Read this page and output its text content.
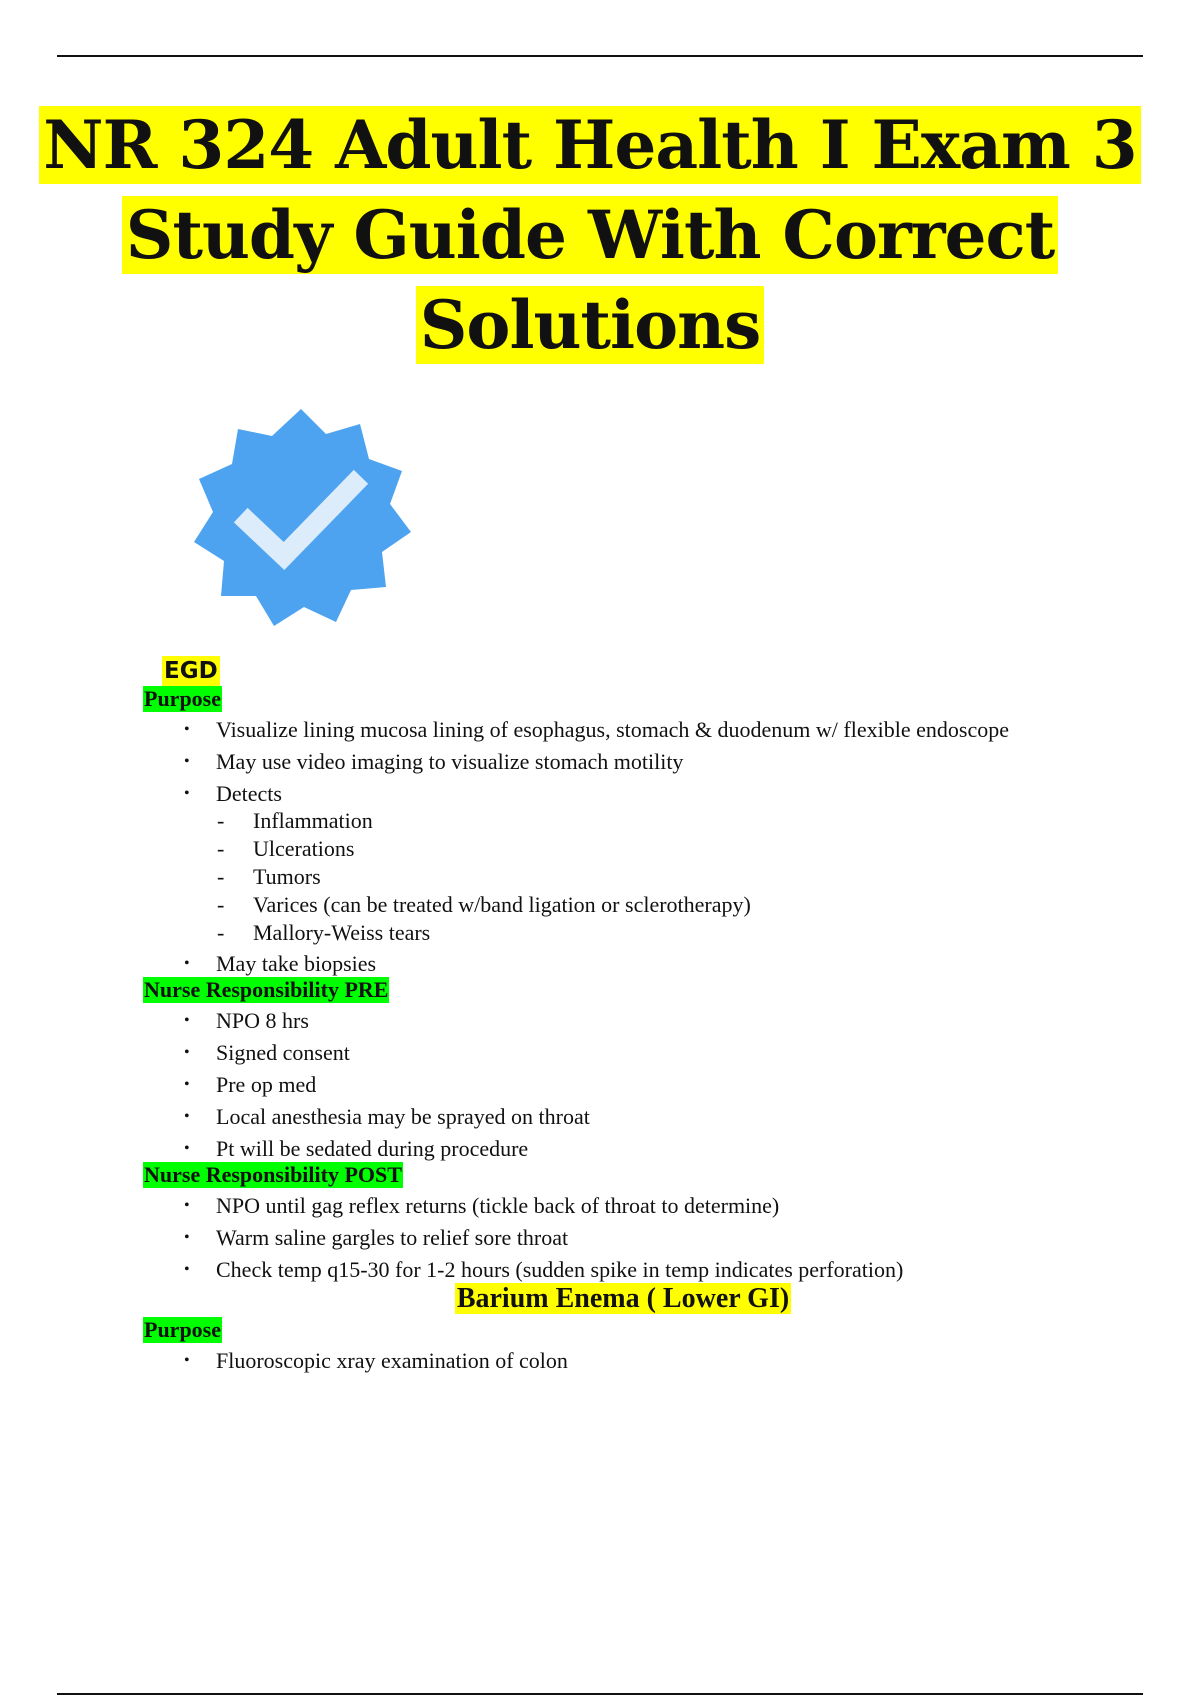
NR 324 Adult Health I Exam 3
Study Guide With Correct
Solutions
EGD
Purpose
• Visualize lining mucosa lining of esophagus, stomach & duodenum w/ flexible endoscope
• May use video imaging to visualize stomach motility
• Detects
- Inflammation
- Ulcerations
- Tumors
- Varices (can be treated w/band ligation or sclerotherapy)
- Mallory-Weiss tears
• May take biopsies
Nurse Responsibility PRE
• NPO 8 hrs
• Signed consent
• Pre op med
• Local anesthesia may be sprayed on throat
• Pt will be sedated during procedure
Nurse Responsibility POST
• NPO until gag reflex returns (tickle back of throat to determine)
• Warm saline gargles to relief sore throat
• Check temp q15-30 for 1-2 hours (sudden spike in temp indicates perforation)
Barium Enema ( Lower GI)
Purpose
• Fluoroscopic xray examination of colon
